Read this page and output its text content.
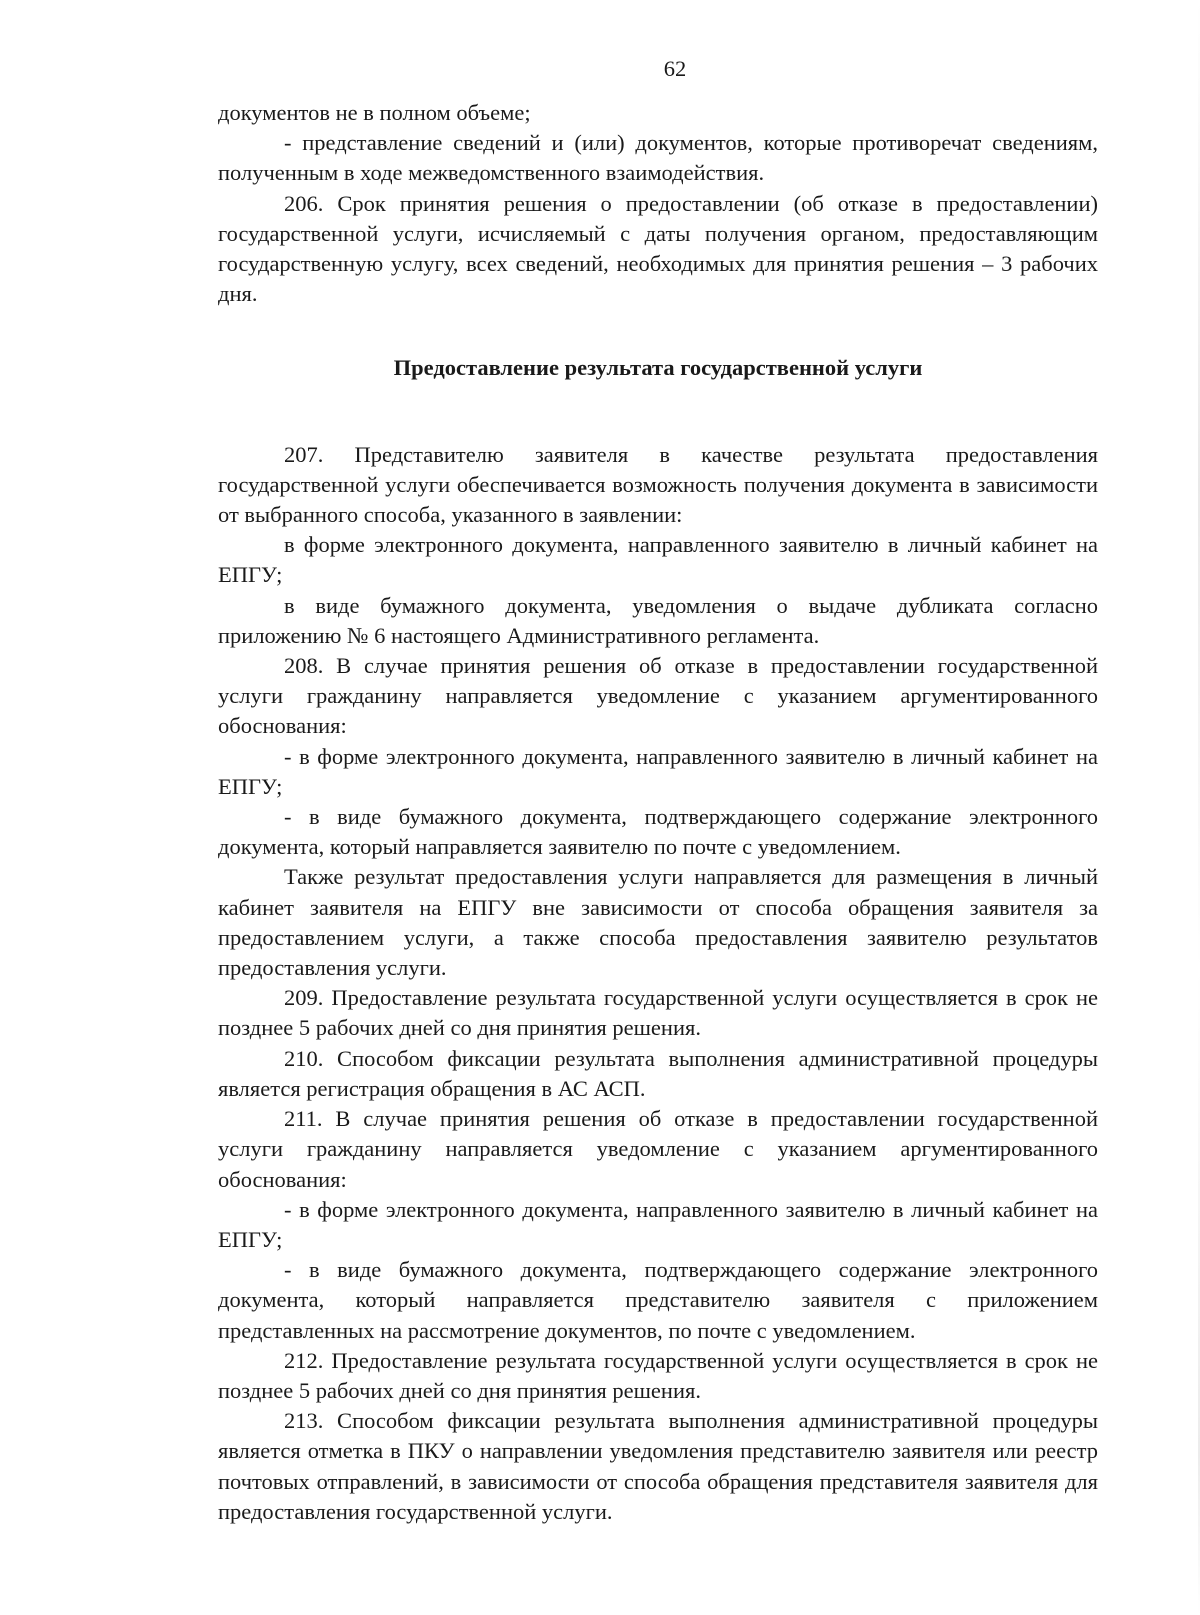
62

документов не в полном объеме;

- представление сведений и (или) документов, которые противоречат сведениям, полученным в ходе межведомственного взаимодействия.

206. Срок принятия решения о предоставлении (об отказе в предоставлении) государственной услуги, исчисляемый с даты получения органом, предоставляющим государственную услугу, всех сведений, необходимых для принятия решения – 3 рабочих дня.

Предоставление результата государственной услуги

207. Представителю заявителя в качестве результата предоставления государственной услуги обеспечивается возможность получения документа в зависимости от выбранного способа, указанного в заявлении:

в форме электронного документа, направленного заявителю в личный кабинет на ЕПГУ;

в виде бумажного документа, уведомления о выдаче дубликата согласно приложению № 6 настоящего Административного регламента.

208. В случае принятия решения об отказе в предоставлении государственной услуги гражданину направляется уведомление с указанием аргументированного обоснования:

- в форме электронного документа, направленного заявителю в личный кабинет на ЕПГУ;

- в виде бумажного документа, подтверждающего содержание электронного документа, который направляется заявителю по почте с уведомлением.

Также результат предоставления услуги направляется для размещения в личный кабинет заявителя на ЕПГУ вне зависимости от способа обращения заявителя за предоставлением услуги, а также способа предоставления заявителю результатов предоставления услуги.

209. Предоставление результата государственной услуги осуществляется в срок не позднее 5 рабочих дней со дня принятия решения.

210. Способом фиксации результата выполнения административной процедуры является регистрация обращения в АС АСП.

211. В случае принятия решения об отказе в предоставлении государственной услуги гражданину направляется уведомление с указанием аргументированного обоснования:

- в форме электронного документа, направленного заявителю в личный кабинет на ЕПГУ;

- в виде бумажного документа, подтверждающего содержание электронного документа, который направляется представителю заявителя с приложением представленных на рассмотрение документов, по почте с уведомлением.

212. Предоставление результата государственной услуги осуществляется в срок не позднее 5 рабочих дней со дня принятия решения.

213. Способом фиксации результата выполнения административной процедуры является отметка в ПКУ о направлении уведомления представителю заявителя или реестр почтовых отправлений, в зависимости от способа обращения представителя заявителя для предоставления государственной услуги.
